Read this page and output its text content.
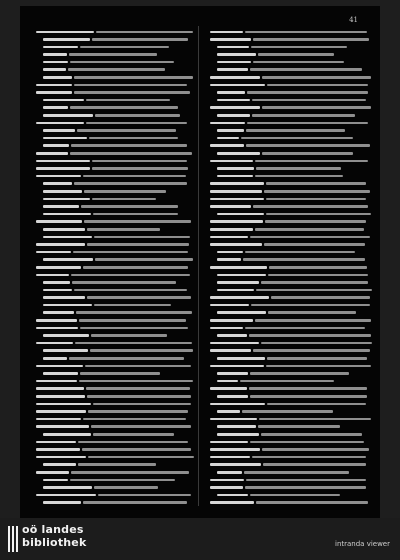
41
oö landes
bibliothek	intranda viewer
